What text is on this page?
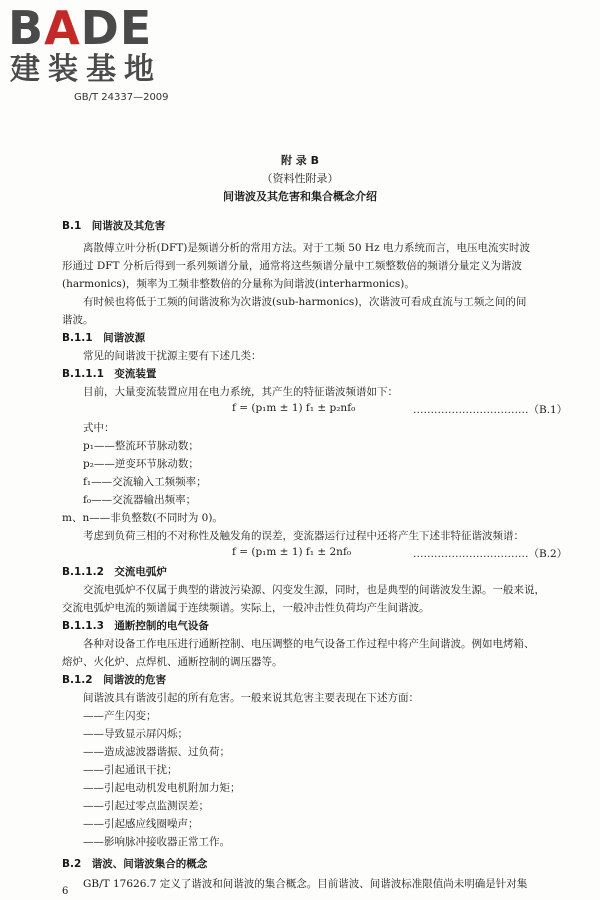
BADE
建装基地
GB/T 24337—2009
附 录 B
（资料性附录）
间谐波及其危害和集合概念介绍
B.1　间谐波及其危害
离散傅立叶分析(DFT)是频谱分析的常用方法。对于工频 50 Hz 电力系统而言，电压电流实时波
形通过 DFT 分析后得到一系列频谱分量，通常将这些频谱分量中工频整数倍的频谱分量定义为谐波
(harmonics)，频率为工频非整数倍的分量称为间谐波(interharmonics)。
有时候也将低于工频的间谐波称为次谐波(sub-harmonics)，次谐波可看成直流与工频之间的间
谐波。
B.1.1　间谐波源
常见的间谐波干扰源主要有下述几类：
B.1.1.1　变流装置
目前，大量变流装置应用在电力系统，其产生的特征谐波频谱如下：
f = (p₁m ± 1) f₁ ± p₂nf₀	……………………………（B.1）
式中：
p₁——整流环节脉动数；
p₂——逆变环节脉动数；
f₁——交流输入工频频率；
f₀——交流器输出频率；
m、n——非负整数(不同时为 0)。
考虑到负荷三相的不对称性及触发角的误差，变流器运行过程中还将产生下述非特征谐波频谱：
f = (p₁m ± 1) f₁ ± 2nf₀	……………………………（B.2）
B.1.1.2　交流电弧炉
交流电弧炉不仅属于典型的谐波污染源、闪变发生源，同时，也是典型的间谐波发生源。一般来说，
交流电弧炉电流的频谱属于连续频谱。实际上，一般冲击性负荷均产生间谐波。
B.1.1.3　通断控制的电气设备
各种对设备工作电压进行通断控制、电压调整的电气设备工作过程中将产生间谐波。例如电烤箱、
熔炉、火化炉、点焊机、通断控制的调压器等。
B.1.2　间谐波的危害
间谐波具有谐波引起的所有危害。一般来说其危害主要表现在下述方面：
——产生闪变；
——导致显示屏闪烁；
——造成滤波器谐振、过负荷；
——引起通讯干扰；
——引起电动机发电机附加力矩；
——引起过零点监测误差；
——引起感应线圈噪声；
——影响脉冲接收器正常工作。
B.2　谐波、间谐波集合的概念
GB/T 17626.7 定义了谐波和间谐波的集合概念。目前谐波、间谐波标准限值尚未明确是针对集
6
